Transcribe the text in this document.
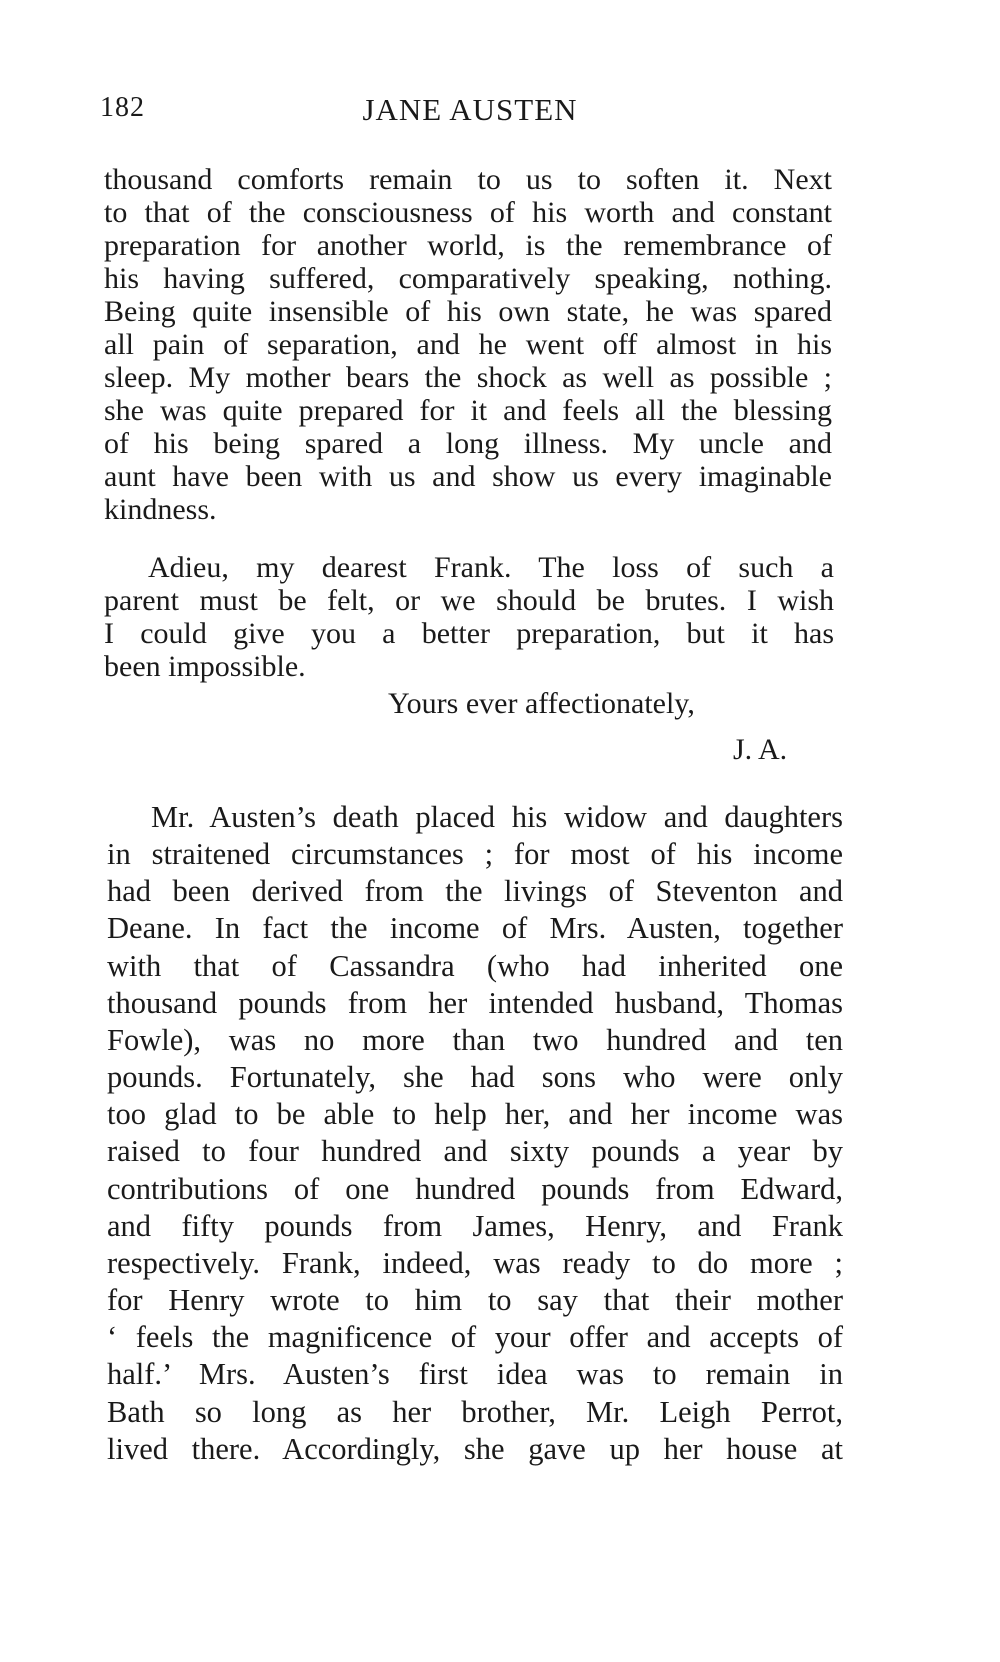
182	JANE AUSTEN
thousand comforts remain to us to soften it. Next
to that of the consciousness of his worth and constant
preparation for another world, is the remembrance of
his having suffered, comparatively speaking, nothing.
Being quite insensible of his own state, he was spared
all pain of separation, and he went off almost in his
sleep. My mother bears the shock as well as possible ;
she was quite prepared for it and feels all the blessing
of his being spared a long illness. My uncle and
aunt have been with us and show us every imaginable
kindness.
Adieu, my dearest Frank. The loss of such a
parent must be felt, or we should be brutes. I wish
I could give you a better preparation, but it has
been impossible.
Yours ever affectionately,
J. A.
Mr. Austen’s death placed his widow and daughters
in straitened circumstances ; for most of his income
had been derived from the livings of Steventon and
Deane. In fact the income of Mrs. Austen, together
with that of Cassandra (who had inherited one
thousand pounds from her intended husband, Thomas
Fowle), was no more than two hundred and ten
pounds. Fortunately, she had sons who were only
too glad to be able to help her, and her income was
raised to four hundred and sixty pounds a year by
contributions of one hundred pounds from Edward,
and fifty pounds from James, Henry, and Frank
respectively. Frank, indeed, was ready to do more ;
for Henry wrote to him to say that their mother
‘ feels the magnificence of your offer and accepts of
half.’ Mrs. Austen’s first idea was to remain in
Bath so long as her brother, Mr. Leigh Perrot,
lived there. Accordingly, she gave up her house at
